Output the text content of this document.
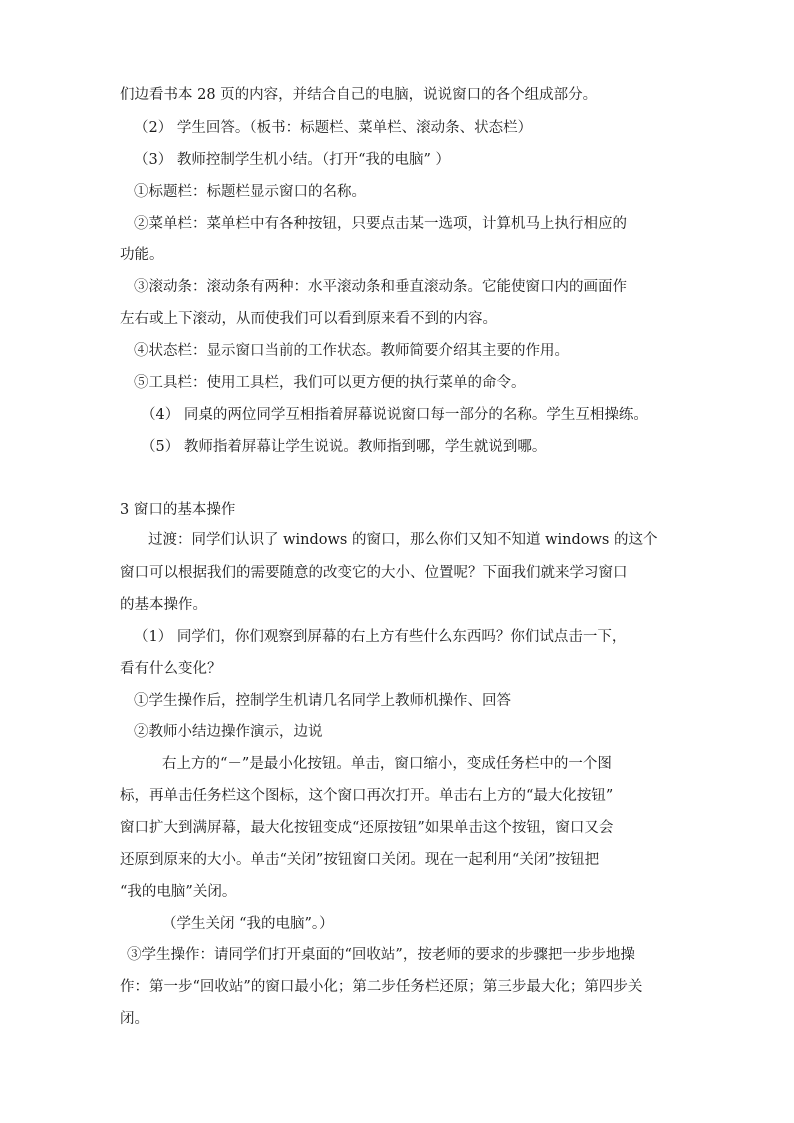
们边看书本 28 页的内容，并结合自己的电脑，说说窗口的各个组成部分。
（2） 学生回答。（板书：标题栏、菜单栏、滚动条、状态栏）
（3） 教师控制学生机小结。（打开“我的电脑” ）
①标题栏：标题栏显示窗口的名称。
②菜单栏：菜单栏中有各种按钮，只要点击某一选项，计算机马上执行相应的
功能。
③滚动条：滚动条有两种：水平滚动条和垂直滚动条。它能使窗口内的画面作
左右或上下滚动，从而使我们可以看到原来看不到的内容。
④状态栏：显示窗口当前的工作状态。教师简要介绍其主要的作用。
⑤工具栏：使用工具栏，我们可以更方便的执行菜单的命令。
（4） 同桌的两位同学互相指着屏幕说说窗口每一部分的名称。学生互相操练。
（5） 教师指着屏幕让学生说说。教师指到哪，学生就说到哪。
3 窗口的基本操作
过渡：同学们认识了 windows 的窗口，那么你们又知不知道 windows 的这个
窗口可以根据我们的需要随意的改变它的大小、位置呢？下面我们就来学习窗口
的基本操作。
（1） 同学们，你们观察到屏幕的右上方有些什么东西吗？你们试点击一下，
看有什么变化？
①学生操作后，控制学生机请几名同学上教师机操作、回答
②教师小结边操作演示，边说
右上方的“－”是最小化按钮。单击，窗口缩小，变成任务栏中的一个图
标，再单击任务栏这个图标，这个窗口再次打开。单击右上方的“最大化按钮”
窗口扩大到满屏幕，最大化按钮变成“还原按钮”如果单击这个按钮，窗口又会
还原到原来的大小。单击“关闭”按钮窗口关闭。现在一起利用“关闭”按钮把
“我的电脑”关闭。
（学生关闭 “我的电脑”。）
③学生操作：请同学们打开桌面的“回收站”，按老师的要求的步骤把一步步地操
作：第一步“回收站”的窗口最小化；第二步任务栏还原；第三步最大化；第四步关
闭。
